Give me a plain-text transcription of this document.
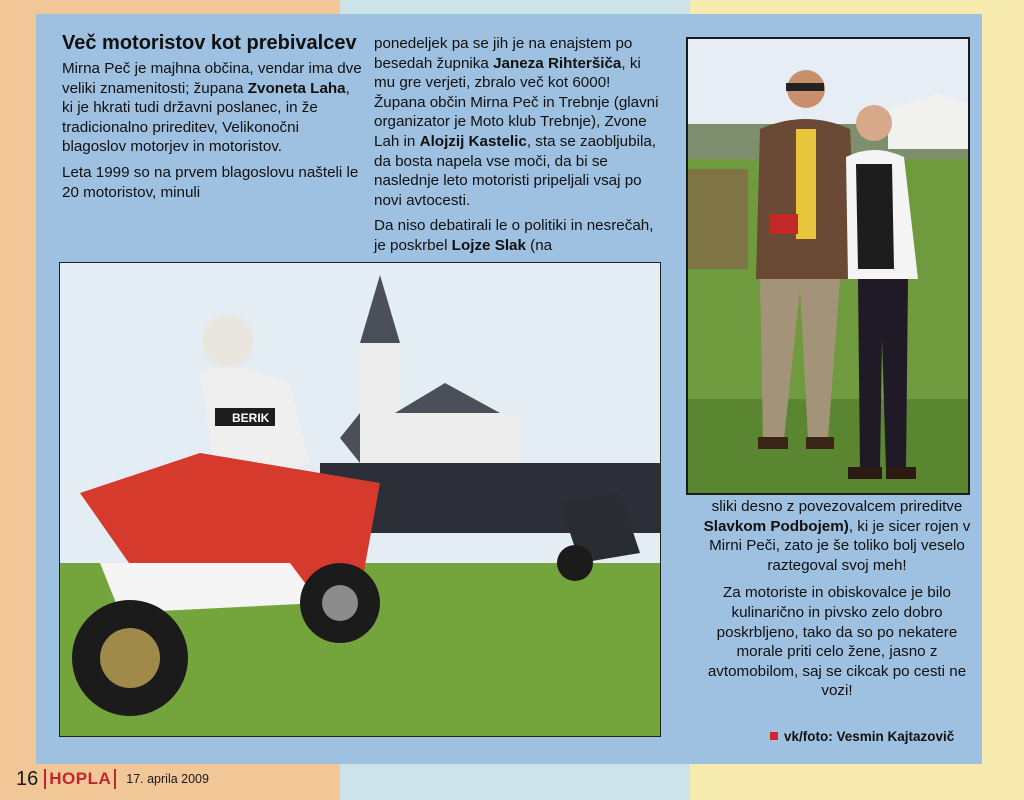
Več motoristov kot prebivalcev

Mirna Peč je majhna občina, vendar ima dve veliki znamenitosti; župana Zvoneta Laha, ki je hkrati tudi državni poslanec, in že tradicionalno prireditev, Velikonočni blagoslov motorjev in motoristov.

Leta 1999 so na prvem blagoslovu našteli le 20 motoristov, minuli

ponedeljek pa se jih je na enajstem po besedah župnika Janeza Rihteršiča, ki mu gre verjeti, zbralo več kot 6000! Župana občin Mirna Peč in Trebnje (glavni organizator je Moto klub Trebnje), Zvone Lah in Alojzij Kastelic, sta se zaobljubila, da bosta napela vse moči, da bi se naslednje leto motoristi pripeljali vsaj po novi avtocesti.

Da niso debatirali le o politiki in nesrečah, je poskrbel Lojze Slak (na

BERIK

sliki desno z povezovalcem prireditve Slavkom Podbojem), ki je sicer rojen v Mirni Peči, zato je še toliko bolj veselo raztegoval svoj meh!

Za motoriste in obiskovalce je bilo kulinarično in pivsko zelo dobro poskrbljeno, tako da so po nekatere morale priti celo žene, jasno z avtomobilom, saj se cikcak po cesti ne vozi!

vk/foto: Vesmin Kajtazovič
16 HOPLA	17. aprila 2009
